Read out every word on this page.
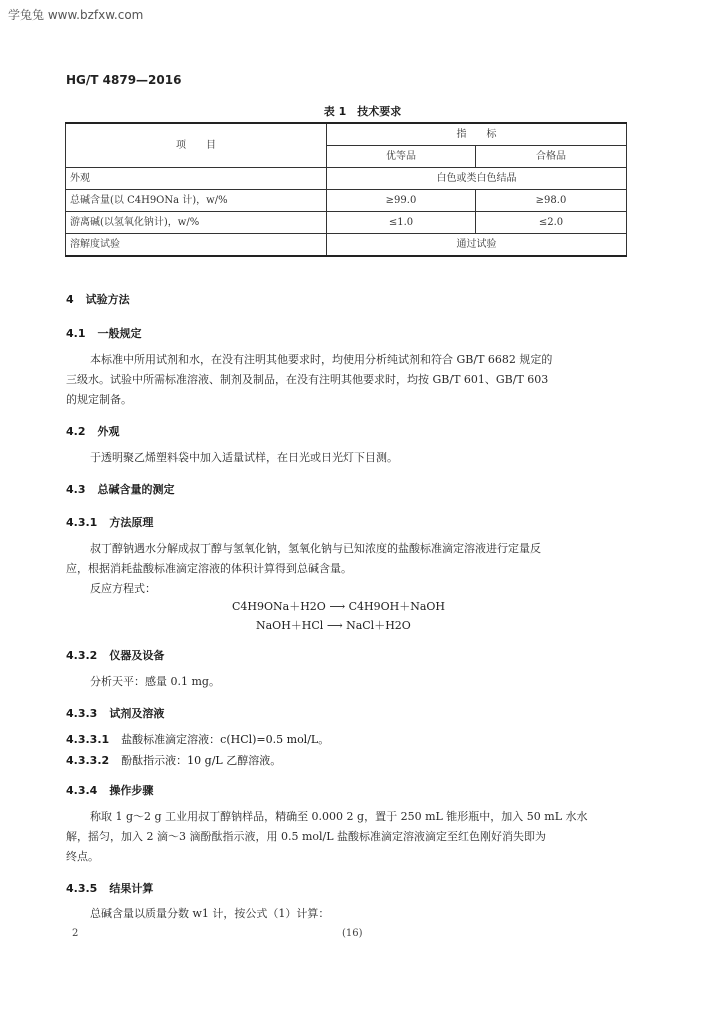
学兔兔 www.bzfxw.com
HG/T 4879—2016
表 1　技术要求
项　　目	指　　标	
	优等品	合格品
外观	白色或类白色结晶	
总碱含量(以 C4H9ONa 计)，w/%	≥99.0	≥98.0
游离碱(以氢氧化钠计)，w/%	≤1.0	≤2.0
溶解度试验	通过试验	
4 试验方法
4.1 一般规定
本标准中所用试剂和水，在没有注明其他要求时，均使用分析纯试剂和符合 GB/T 6682 规定的
三级水。试验中所需标准溶液、制剂及制品，在没有注明其他要求时，均按 GB/T 601、GB/T 603
的规定制备。
4.2 外观
于透明聚乙烯塑料袋中加入适量试样，在日光或日光灯下目测。
4.3 总碱含量的测定
4.3.1 方法原理
叔丁醇钠遇水分解成叔丁醇与氢氧化钠，氢氧化钠与已知浓度的盐酸标准滴定溶液进行定量反
应，根据消耗盐酸标准滴定溶液的体积计算得到总碱含量。
反应方程式：
C4H9ONa＋H2O ⟶ C4H9OH＋NaOH
NaOH＋HCl ⟶ NaCl＋H2O
4.3.2 仪器及设备
分析天平：感量 0.1 mg。
4.3.3 试剂及溶液
4.3.3.1 盐酸标准滴定溶液：c(HCl)=0.5 mol/L。
4.3.3.2 酚酞指示液：10 g/L 乙醇溶液。
4.3.4 操作步骤
称取 1 g～2 g 工业用叔丁醇钠样品，精确至 0.000 2 g，置于 250 mL 锥形瓶中，加入 50 mL 水水
解，摇匀，加入 2 滴～3 滴酚酞指示液，用 0.5 mol/L 盐酸标准滴定溶液滴定至红色刚好消失即为
终点。
4.3.5 结果计算
总碱含量以质量分数 w1 计，按公式（1）计算：
2	(16)
